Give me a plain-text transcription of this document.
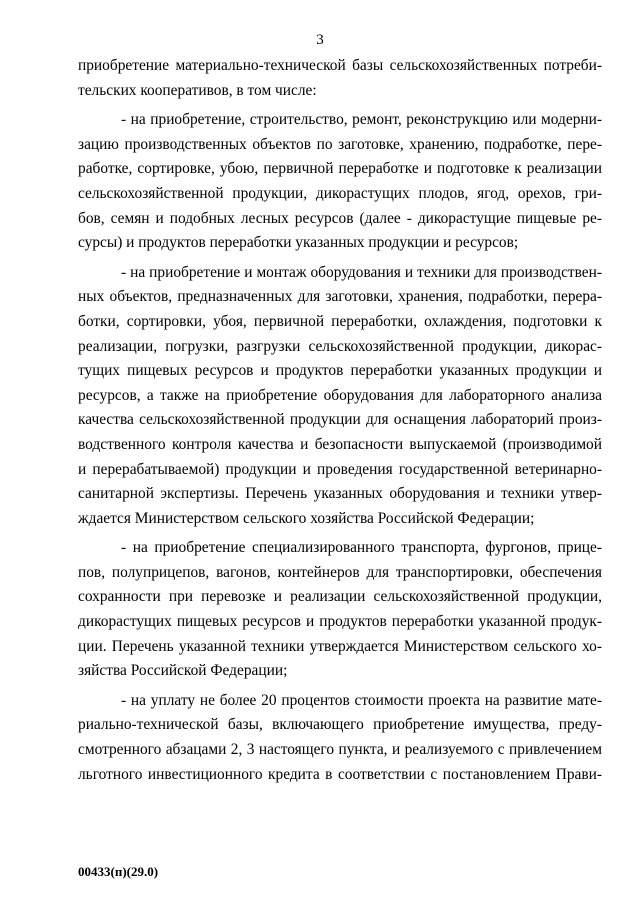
3
приобретение материально-технической базы сельскохозяйственных потреби-
тельских кооперативов, в том числе:
- на приобретение, строительство, ремонт, реконструкцию или модерни-
зацию производственных объектов по заготовке, хранению, подработке, пере-
работке, сортировке, убою, первичной переработке и подготовке к реализации
сельскохозяйственной продукции, дикорастущих плодов, ягод, орехов, гри-
бов, семян и подобных лесных ресурсов (далее - дикорастущие пищевые ре-
сурсы) и продуктов переработки указанных продукции и ресурсов;
- на приобретение и монтаж оборудования и техники для производствен-
ных объектов, предназначенных для заготовки, хранения, подработки, перера-
ботки, сортировки, убоя, первичной переработки, охлаждения, подготовки к
реализации, погрузки, разгрузки сельскохозяйственной продукции, дикорас-
тущих пищевых ресурсов и продуктов переработки указанных продукции и
ресурсов, а также на приобретение оборудования для лабораторного анализа
качества сельскохозяйственной продукции для оснащения лабораторий произ-
водственного контроля качества и безопасности выпускаемой (производимой
и перерабатываемой) продукции и проведения государственной ветеринарно-
санитарной экспертизы. Перечень указанных оборудования и техники утвер-
ждается Министерством сельского хозяйства Российской Федерации;
- на приобретение специализированного транспорта, фургонов, прице-
пов, полуприцепов, вагонов, контейнеров для транспортировки, обеспечения
сохранности при перевозке и реализации сельскохозяйственной продукции,
дикорастущих пищевых ресурсов и продуктов переработки указанной продук-
ции. Перечень указанной техники утверждается Министерством сельского хо-
зяйства Российской Федерации;
- на уплату не более 20 процентов стоимости проекта на развитие мате-
риально-технической базы, включающего приобретение имущества, преду-
смотренного абзацами 2, 3 настоящего пункта, и реализуемого с привлечением
льготного инвестиционного кредита в соответствии с постановлением Прави-
00433(п)(29.0)
